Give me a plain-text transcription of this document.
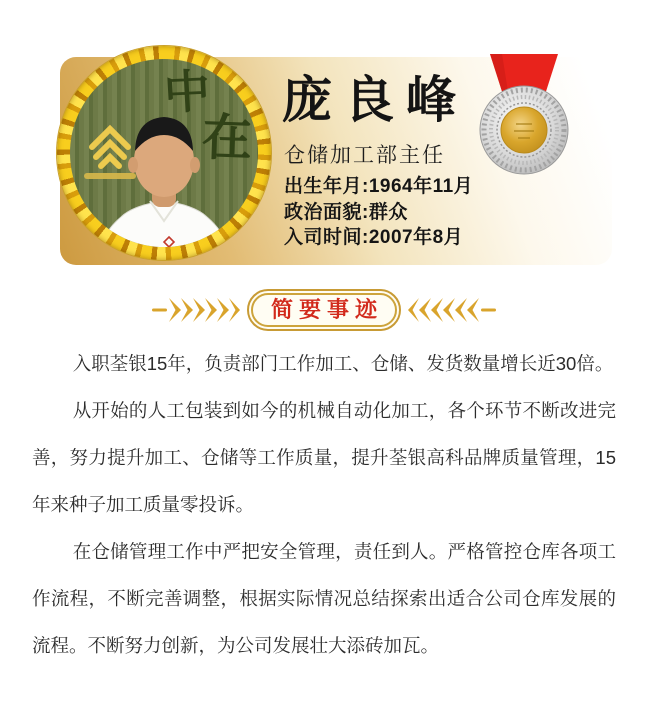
中
在
庞良峰
仓储加工部主任
出生年月:1964年11月
政治面貌:群众
入司时间:2007年8月
简要事迹

入职荃银15年，负责部门工作加工、仓储、发货数量增长近30倍。

从开始的人工包装到如今的机械自动化加工，各个环节不断改进完善，努力提升加工、仓储等工作质量，提升荃银高科品牌质量管理，15年来种子加工质量零投诉。

在仓储管理工作中严把安全管理，责任到人。严格管控仓库各项工作流程，不断完善调整，根据实际情况总结探索出适合公司仓库发展的流程。不断努力创新，为公司发展壮大添砖加瓦。
